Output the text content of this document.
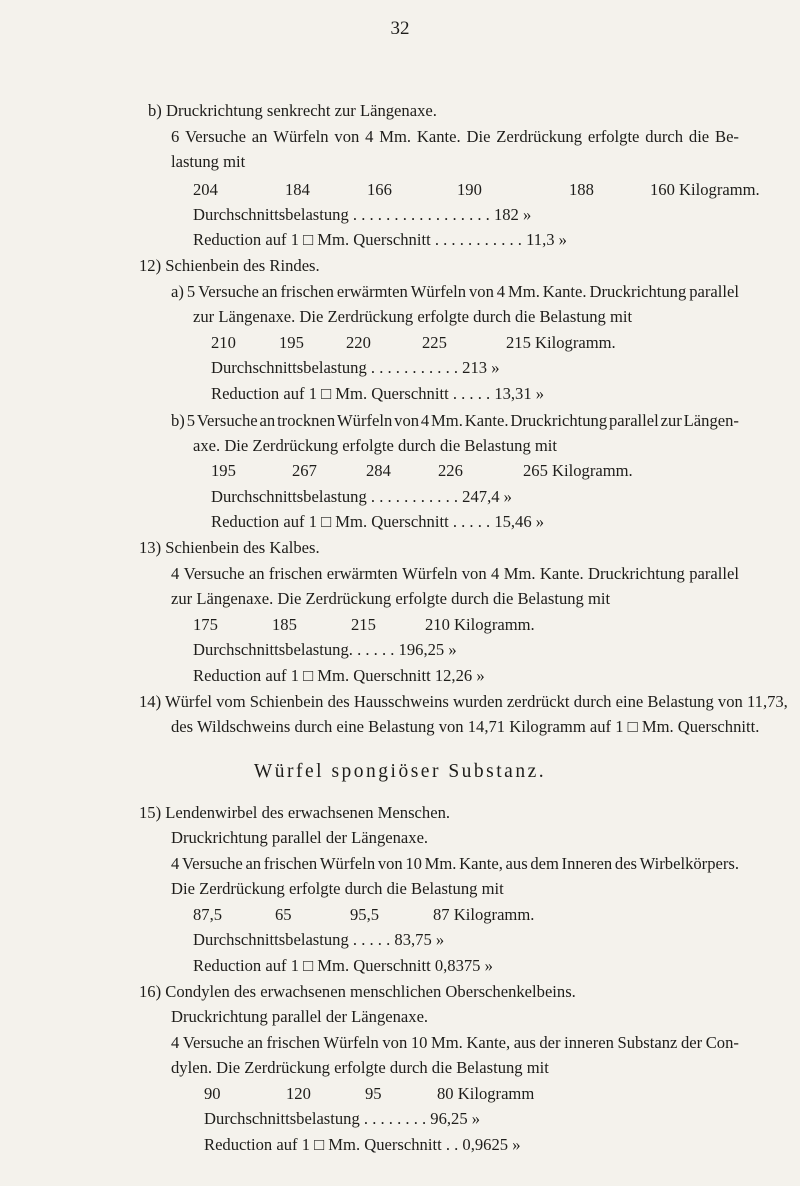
32
b) Druckrichtung senkrecht zur Längenaxe.
6 Versuche an Würfeln von 4 Mm. Kante. Die Zerdrückung erfolgte durch die Be-
lastung mit
204	184	166	190	188	160 Kilogramm.
Durchschnittsbelastung . . . . . . . . . . . . . . . . . 182 »
Reduction auf 1 □ Mm. Querschnitt . . . . . . . . . . . 11,3 »
12) Schienbein des Rindes.
a) 5 Versuche an frischen erwärmten Würfeln von 4 Mm. Kante. Druckrichtung parallel
zur Längenaxe. Die Zerdrückung erfolgte durch die Belastung mit
210	195	220	225	215 Kilogramm.
Durchschnittsbelastung . . . . . . . . . . . 213 »
Reduction auf 1 □ Mm. Querschnitt . . . . . 13,31 »
b) 5 Versuche an trocknen Würfeln von 4 Mm. Kante. Druckrichtung parallel zur Längen-
axe. Die Zerdrückung erfolgte durch die Belastung mit
195	267	284	226	265 Kilogramm.
Durchschnittsbelastung . . . . . . . . . . . 247,4 »
Reduction auf 1 □ Mm. Querschnitt . . . . . 15,46 »
13) Schienbein des Kalbes.
4 Versuche an frischen erwärmten Würfeln von 4 Mm. Kante. Druckrichtung parallel
zur Längenaxe. Die Zerdrückung erfolgte durch die Belastung mit
175	185	215	210 Kilogramm.
Durchschnittsbelastung. . . . . . 196,25 »
Reduction auf 1 □ Mm. Querschnitt 12,26 »
14) Würfel vom Schienbein des Hausschweins wurden zerdrückt durch eine Belastung von 11,73,
des Wildschweins durch eine Belastung von 14,71 Kilogramm auf 1 □ Mm. Querschnitt.
Würfel spongiöser Substanz.
15) Lendenwirbel des erwachsenen Menschen.
Druckrichtung parallel der Längenaxe.
4 Versuche an frischen Würfeln von 10 Mm. Kante, aus dem Inneren des Wirbelkörpers.
Die Zerdrückung erfolgte durch die Belastung mit
87,5	65	95,5	87 Kilogramm.
Durchschnittsbelastung . . . . . 83,75 »
Reduction auf 1 □ Mm. Querschnitt 0,8375 »
16) Condylen des erwachsenen menschlichen Oberschenkelbeins.
Druckrichtung parallel der Längenaxe.
4 Versuche an frischen Würfeln von 10 Mm. Kante, aus der inneren Substanz der Con-
dylen. Die Zerdrückung erfolgte durch die Belastung mit
90	120	95	80 Kilogramm
Durchschnittsbelastung . . . . . . . . 96,25 »
Reduction auf 1 □ Mm. Querschnitt . . 0,9625 »
